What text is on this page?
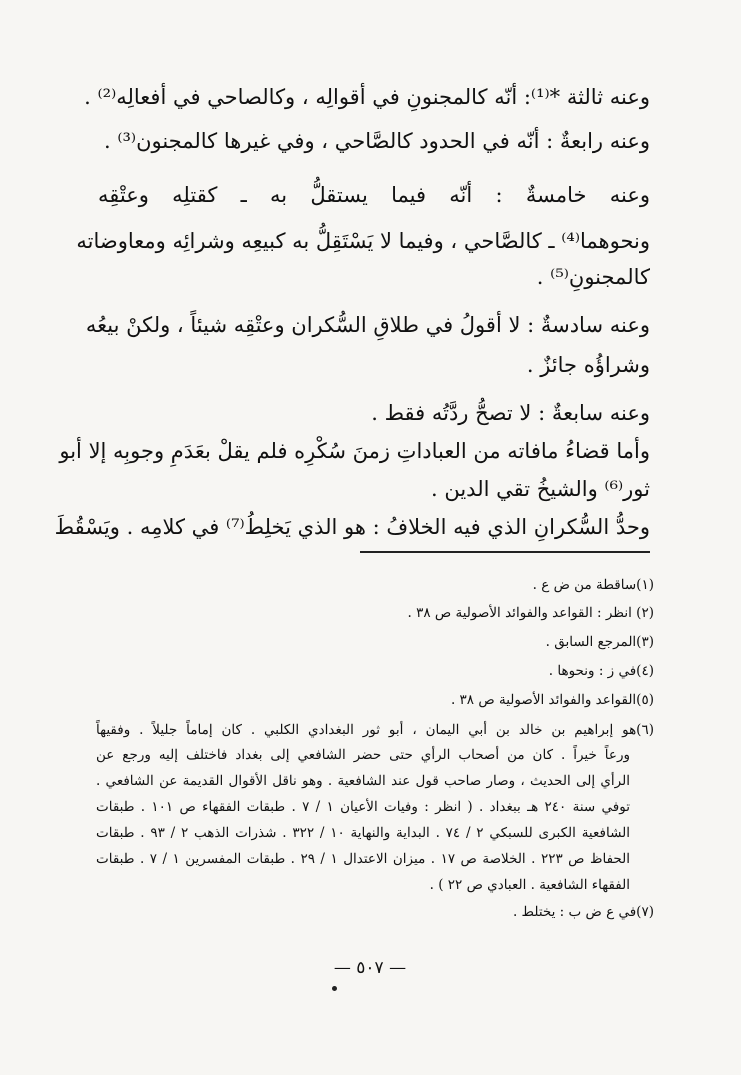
وعنه ثالثة *⁽¹⁾: أنّه كالمجنونِ في أقوالِه ، وكالصاحي في أفعالِه⁽²⁾ .
وعنه رابعةٌ : أنّه في الحدود كالصَّاحي ، وفي غيرها كالمجنون⁽³⁾ .
وعنه خامسةٌ : أنّه فيما يستقلُّ به ـ كقتلِه وعتْقِه
ونحوهما⁽⁴⁾ ـ كالصَّاحي ، وفيما لا يَسْتَقِلُّ به كبيعِه وشرائِه ومعاوضاته
كالمجنونِ⁽⁵⁾ .
وعنه سادسةٌ : لا أقولُ في طلاقِ السُّكران وعتْقِه شيئاً ، ولكنْ بيعُه
وشراؤُه جائزٌ .
وعنه سابعةٌ : لا تصحُّ ردَّتُه فقط .
وأما قضاءُ مافاته من العباداتِ زمنَ سُكْرِه فلم يقلْ بعَدَمِ وجوبِه إلا أبو
ثور⁽⁶⁾ والشيخُ تقي الدين .
وحدُّ السُّكرانِ الذي فيه الخلافُ : هو الذي يَخلِطُ⁽⁷⁾ في كلامِه . ويَسْقُطَ
(١)ساقطة من ض ع .
(٢) انظر : القواعد والفوائد الأصولية ص ٣٨ .
(٣)المرجع السابق .
(٤)في ز : ونحوها .
(٥)القواعد والفوائد الأصولية ص ٣٨ .
(٦)هو إبراهيم بن خالد بن أبي اليمان ، أبو ثور البغدادي الكلبي . كان إماماً جليلاً . وفقيهاً
ورعاً خيراً . كان من أصحاب الرأي حتى حضر الشافعي إلى بغداد فاختلف إليه ورجع عن
الرأي إلى الحديث ، وصار صاحب قول عند الشافعية . وهو ناقل الأقوال القديمة عن الشافعي .
توفي سنة ٢٤٠ هـ ببغداد . ( انظر : وفيات الأعيان ١ / ٧ . طبقات الفقهاء ص ١٠١ . طبقات
الشافعية الكبرى للسبكي ٢ / ٧٤ . البداية والنهاية ١٠ / ٣٢٢ . شذرات الذهب ٢ / ٩٣ . طبقات
الحفاظ ص ٢٢٣ . الخلاصة ص ١٧ . ميزان الاعتدال ١ / ٢٩ . طبقات المفسرين ١ / ٧ . طبقات
الفقهاء الشافعية . العبادي ص ٢٢ ) .
(٧)في ع ض ب : يختلط .
— ٥٠٧ —
